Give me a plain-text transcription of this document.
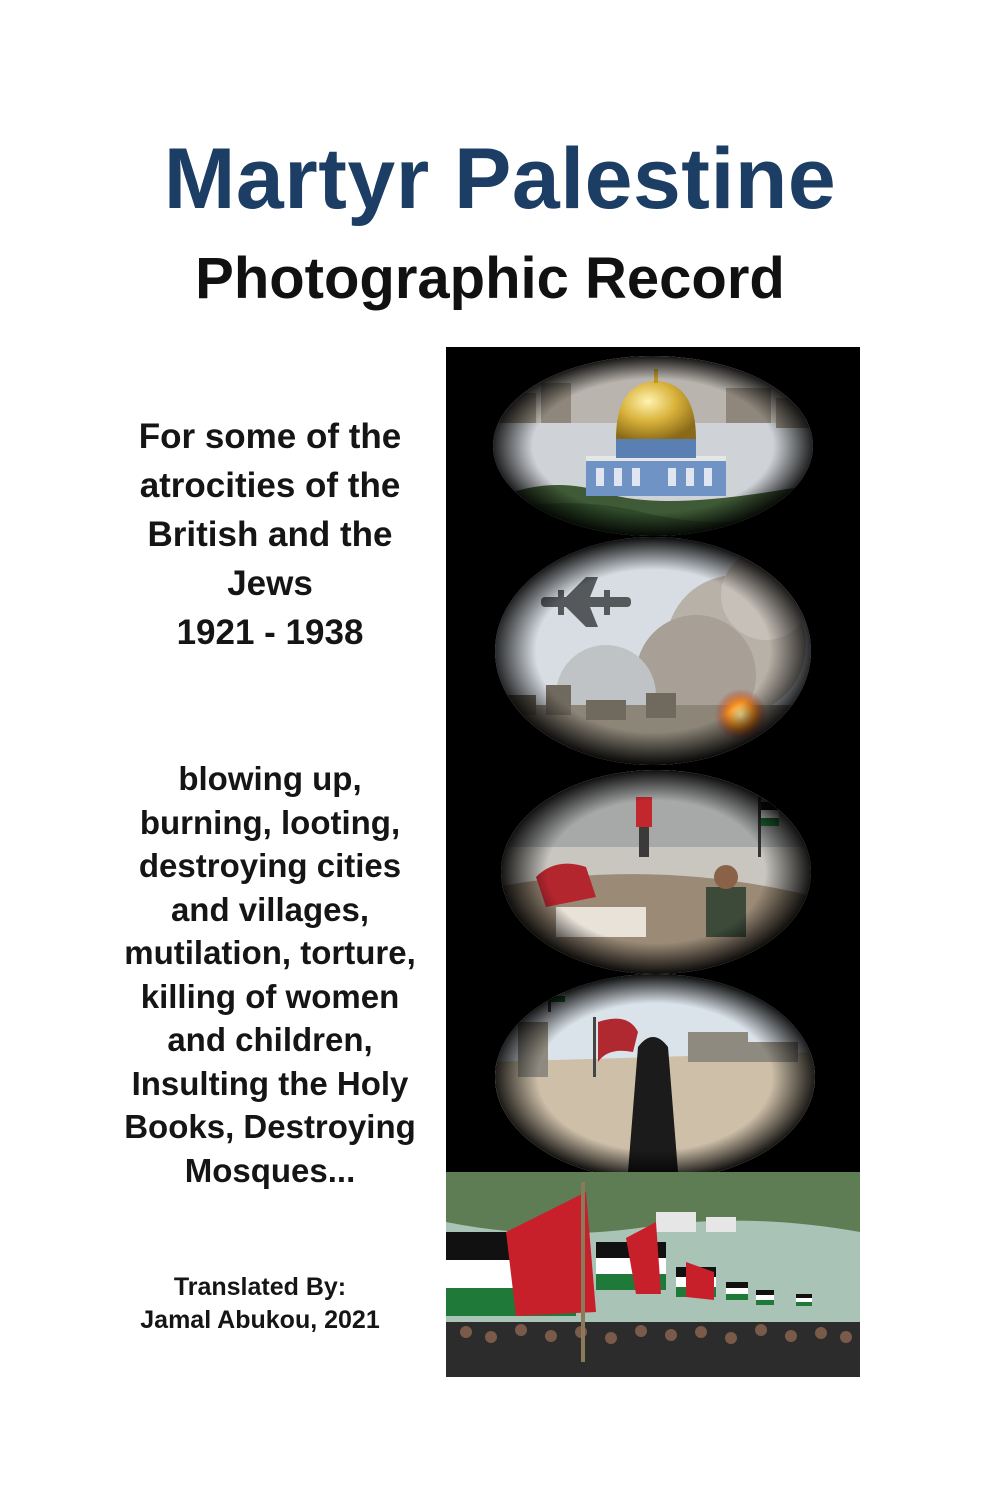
Martyr Palestine
Photographic Record
For some of the
atrocities of the
British and the
Jews
1921 - 1938
blowing up,
burning, looting,
destroying cities
and villages,
mutilation, torture,
killing of women
and children,
Insulting the Holy
Books, Destroying
Mosques...
Translated By:
Jamal Abukou, 2021
